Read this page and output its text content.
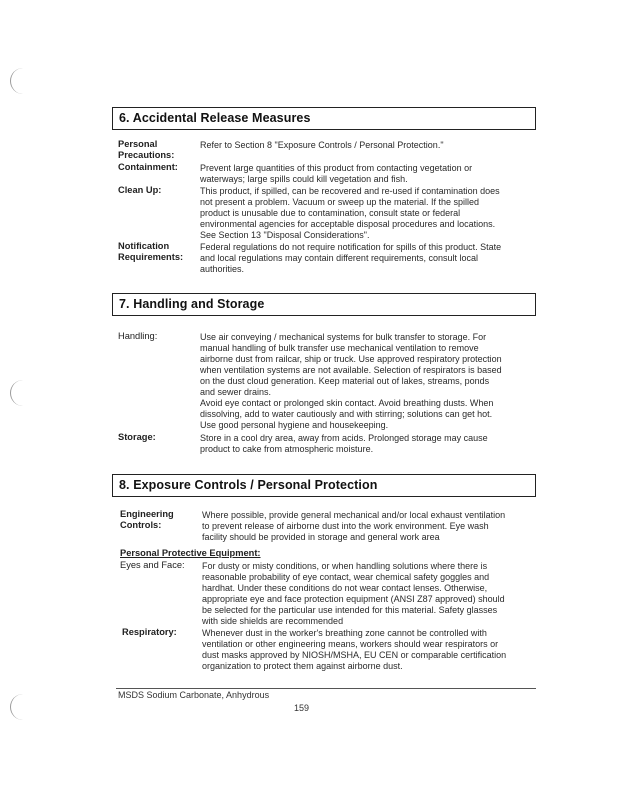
6. Accidental Release Measures
Personal
Precautions:
Refer to Section 8 "Exposure Controls / Personal Protection."
Containment: Prevent large quantities of this product from contacting vegetation or
waterways; large spills could kill vegetation and fish.
Clean Up:	This product, if spilled, can be recovered and re-used if contamination does
not present a problem. Vacuum or sweep up the material. If the spilled
product is unusable due to contamination, consult state or federal
environmental agencies for acceptable disposal procedures and locations.
See Section 13 "Disposal Considerations".
Notification
Requirements:
Federal regulations do not require notification for spills of this product. State
and local regulations may contain different requirements, consult local
authorities.
7. Handling and Storage
Handling:	Use air conveying / mechanical systems for bulk transfer to storage. For
manual handling of bulk transfer use mechanical ventilation to remove
airborne dust from railcar, ship or truck. Use approved respiratory protection
when ventilation systems are not available. Selection of respirators is based
on the dust cloud generation. Keep material out of lakes, streams, ponds
and sewer drains.
Avoid eye contact or prolonged skin contact. Avoid breathing dusts. When
dissolving, add to water cautiously and with stirring; solutions can get hot.
Use good personal hygiene and housekeeping.
Storage:	Store in a cool dry area, away from acids. Prolonged storage may cause
product to cake from atmospheric moisture.
8. Exposure Controls / Personal Protection
Engineering
Controls:
Where possible, provide general mechanical and/or local exhaust ventilation
to prevent release of airborne dust into the work environment. Eye wash
facility should be provided in storage and general work area
Personal Protective Equipment:
Eyes and Face: For dusty or misty conditions, or when handling solutions where there is
reasonable probability of eye contact, wear chemical safety goggles and
hardhat. Under these conditions do not wear contact lenses. Otherwise,
appropriate eye and face protection equipment (ANSI Z87 approved) should
be selected for the particular use intended for this material. Safety glasses
with side shields are recommended
Respiratory:	Whenever dust in the worker's breathing zone cannot be controlled with
ventilation or other engineering means, workers should wear respirators or
dust masks approved by NIOSH/MSHA, EU CEN or comparable certification
organization to protect them against airborne dust.
MSDS Sodium Carbonate, Anhydrous
159
